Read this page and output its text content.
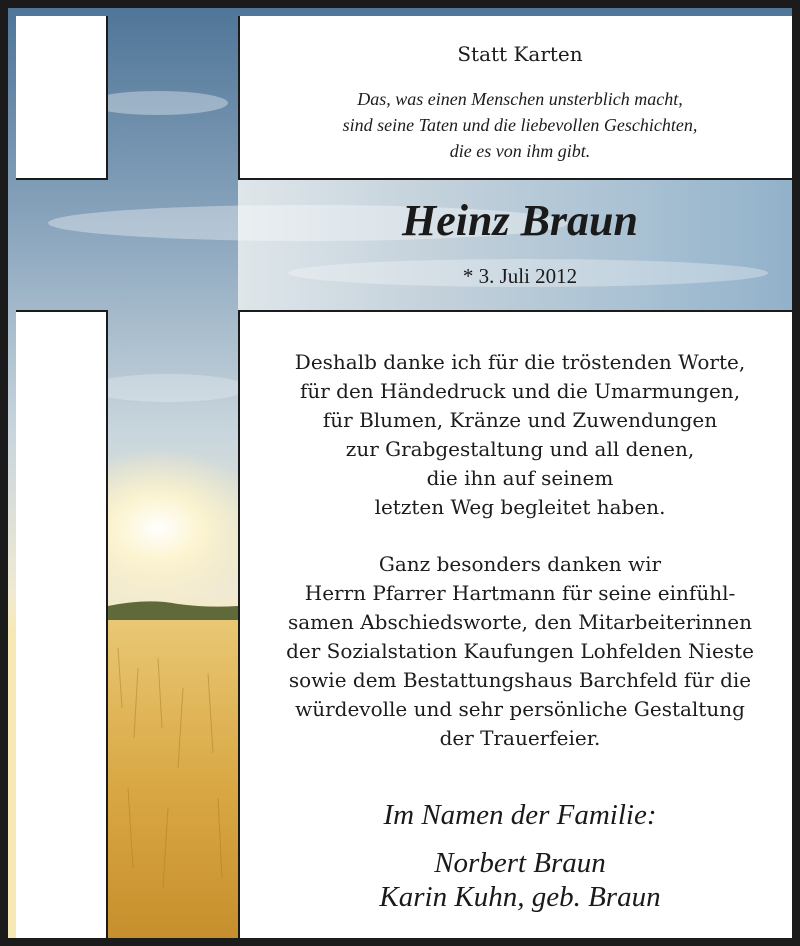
Statt Karten
Das, was einen Menschen unsterblich macht,
sind seine Taten und die liebevollen Geschichten,
die es von ihm gibt.
Heinz Braun
* 3. Juli 2012
Deshalb danke ich für die tröstenden Worte,
für den Händedruck und die Umarmungen,
für Blumen, Kränze und Zuwendungen
zur Grabgestaltung und all denen,
die ihn auf seinem
letzten Weg begleitet haben.
Ganz besonders danken wir
Herrn Pfarrer Hartmann für seine einfühl-
samen Abschiedsworte, den Mitarbeiterinnen
der Sozialstation Kaufungen Lohfelden Nieste
sowie dem Bestattungshaus Barchfeld für die
würdevolle und sehr persönliche Gestaltung
der Trauerfeier.
Im Namen der Familie:
Norbert Braun
Karin Kuhn, geb. Braun
